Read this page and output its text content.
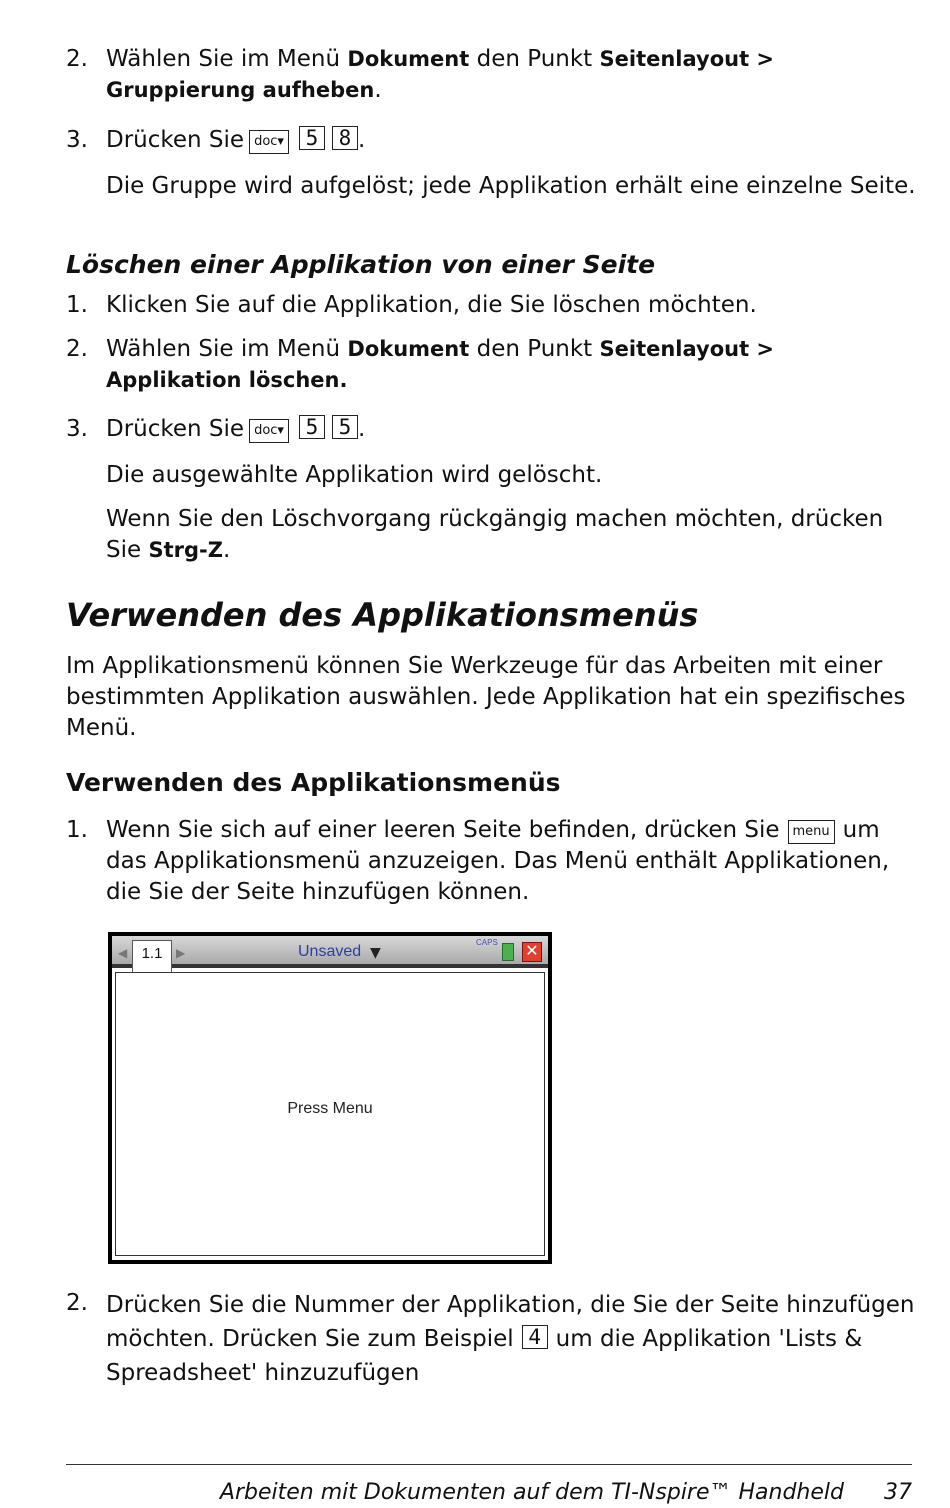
2. Wählen Sie im Menü Dokument den Punkt Seitenlayout >
Gruppierung aufheben.
3. Drücken Sie doc▾ 5 8 .
Die Gruppe wird aufgelöst; jede Applikation erhält eine einzelne Seite.
Löschen einer Applikation von einer Seite
1. Klicken Sie auf die Applikation, die Sie löschen möchten.
2. Wählen Sie im Menü Dokument den Punkt Seitenlayout >
Applikation löschen.
3. Drücken Sie doc▾ 5 5 .
Die ausgewählte Applikation wird gelöscht.
Wenn Sie den Löschvorgang rückgängig machen möchten, drücken Sie Strg-Z.
Verwenden des Applikationsmenüs
Im Applikationsmenü können Sie Werkzeuge für das Arbeiten mit einer bestimmten Applikation auswählen. Jede Applikation hat ein spezifisches Menü.
Verwenden des Applikationsmenüs
1. Wenn Sie sich auf einer leeren Seite befinden, drücken Sie menu um das Applikationsmenü anzuzeigen. Das Menü enthält Applikationen, die Sie der Seite hinzufügen können.
◀ 1.1	▶	Unsaved ▼
CAPS
✕
Press Menu
2. Drücken Sie die Nummer der Applikation, die Sie der Seite hinzufügen möchten. Drücken Sie zum Beispiel 4 um die Applikation 'Lists & Spreadsheet' hinzuzufügen
Arbeiten mit Dokumenten auf dem TI-Nspire™ Handheld 37
